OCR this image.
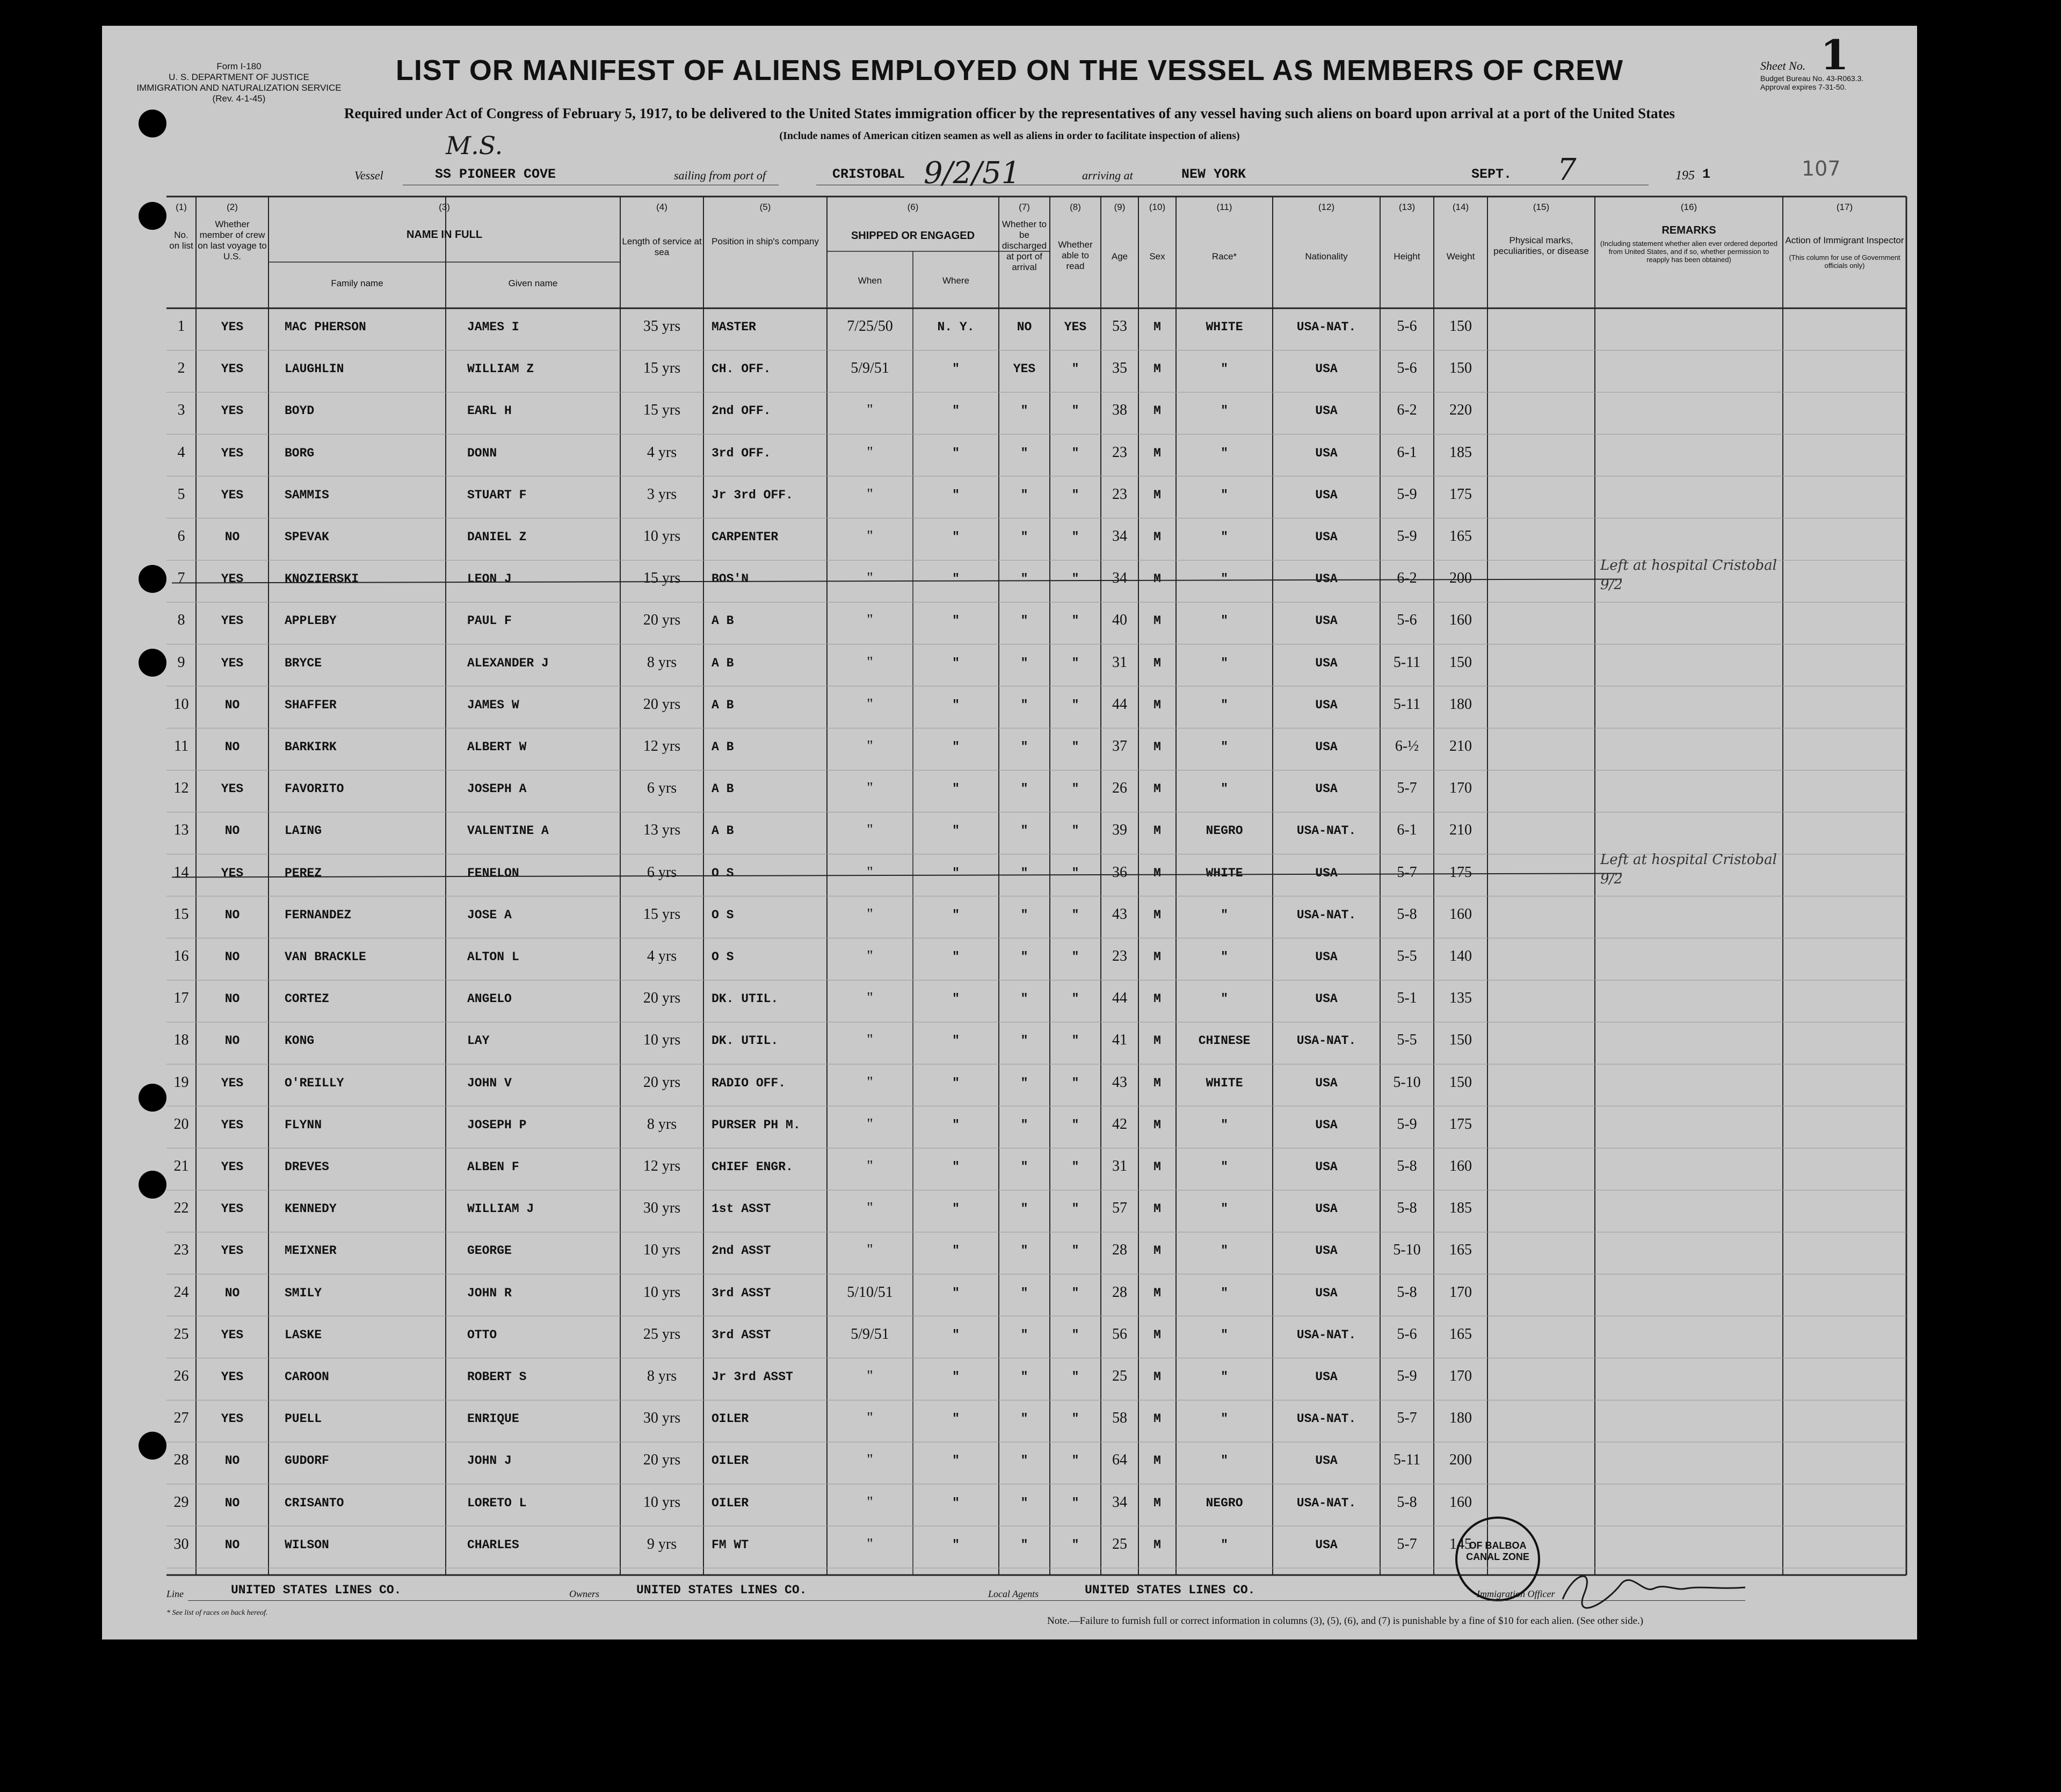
Form I-180
U. S. DEPARTMENT OF JUSTICE
IMMIGRATION AND NATURALIZATION SERVICE
(Rev. 4-1-45)
LIST OR MANIFEST OF ALIENS EMPLOYED ON THE VESSEL AS MEMBERS OF CREW	Sheet No. 1
Budget Bureau No. 43-R063.3.
Approval expires 7-31-50.
Required under Act of Congress of February 5, 1917, to be delivered to the United States immigration officer by the representatives of any vessel having such aliens on board upon arrival at a port of the United States
(Include names of American citizen seamen as well as aliens in order to facilitate inspection of aliens)
M.S.
Vessel	SS PIONEER COVE	sailing from port of	CRISTOBAL 9/2/51	arriving at	NEW YORK	SEPT. 7	195 1	107
(1)	(2)	(3)	(4)	(5)	(6)	(7)	(8)	(9)	(10)	(11)	(12)	(13)	(14)	(15)	(16)	(17)
No. on list
Whether member of crew on last voyage to U.S.
NAME IN FULL
Length of service at sea
Position in ship's company	SHIPPED OR ENGAGED
Whether to be discharged at port of arrival
Whether able to read
Age	Sex	Race*	Nationality	Height	Weight
Physical marks, peculiarities, or disease
REMARKS
Action of Immigrant Inspector
Family name	Given name	When	Where
(Including statement whether alien ever ordered deported from United States, and if so, whether permission to reapply has been obtained)	(This column for use of Government officials only)
1	YES	MAC PHERSON	JAMES I	35 yrs	MASTER	7/25/50	N. Y.	NO	YES	53	M	WHITE	USA-NAT.	5-6	150
2	YES	LAUGHLIN	WILLIAM Z	15 yrs	CH. OFF.	5/9/51	"	YES	"	35	M	"	USA	5-6	150
3	YES	BOYD	EARL H	15 yrs	2nd OFF.	"	"	"	"	38	M	"	USA	6-2	220
4	YES	BORG	DONN	4 yrs	3rd OFF.	"	"	"	"	23	M	"	USA	6-1	185
5	YES	SAMMIS	STUART F	3 yrs	Jr 3rd OFF.	"	"	"	"	23	M	"	USA	5-9	175
6	NO	SPEVAK	DANIEL Z	10 yrs	CARPENTER	"	"	"	"	34	M	"	USA	5-9	165
7	YES	KNOZIERSKI	LEON J	15 yrs	BOS'N	"	"	"	"	34	M	"	USA	6-2	200
Left at hospital Cristobal 9/2
8	YES	APPLEBY	PAUL F	20 yrs	A B	"	"	"	"	40	M	"	USA	5-6	160
9	YES	BRYCE	ALEXANDER J	8 yrs	A B	"	"	"	"	31	M	"	USA	5-11	150
10	NO	SHAFFER	JAMES W	20 yrs	A B	"	"	"	"	44	M	"	USA	5-11	180
11	NO	BARKIRK	ALBERT W	12 yrs	A B	"	"	"	"	37	M	"	USA	6-½	210
12	YES	FAVORITO	JOSEPH A	6 yrs	A B	"	"	"	"	26	M	"	USA	5-7	170
13	NO	LAING	VALENTINE A	13 yrs	A B	"	"	"	"	39	M	NEGRO	USA-NAT.	6-1	210
14	YES	PEREZ	FENELON	6 yrs	O S	"	"	"	"	36	M	WHITE	USA	5-7	175
Left at hospital Cristobal 9/2
15	NO	FERNANDEZ	JOSE A	15 yrs	O S	"	"	"	"	43	M	"	USA-NAT.	5-8	160
16	NO	VAN BRACKLE	ALTON L	4 yrs	O S	"	"	"	"	23	M	"	USA	5-5	140
17	NO	CORTEZ	ANGELO	20 yrs	DK. UTIL.	"	"	"	"	44	M	"	USA	5-1	135
18	NO	KONG	LAY	10 yrs	DK. UTIL.	"	"	"	"	41	M	CHINESE	USA-NAT.	5-5	150
19	YES	O'REILLY	JOHN V	20 yrs	RADIO OFF.	"	"	"	"	43	M	WHITE	USA	5-10	150
20	YES	FLYNN	JOSEPH P	8 yrs	PURSER PH M.	"	"	"	"	42	M	"	USA	5-9	175
21	YES	DREVES	ALBEN F	12 yrs	CHIEF ENGR.	"	"	"	"	31	M	"	USA	5-8	160
22	YES	KENNEDY	WILLIAM J	30 yrs	1st ASST	"	"	"	"	57	M	"	USA	5-8	185
23	YES	MEIXNER	GEORGE	10 yrs	2nd ASST	"	"	"	"	28	M	"	USA	5-10	165
24	NO	SMILY	JOHN R	10 yrs	3rd ASST	5/10/51	"	"	"	28	M	"	USA	5-8	170
25	YES	LASKE	OTTO	25 yrs	3rd ASST	5/9/51	"	"	"	56	M	"	USA-NAT.	5-6	165
26	YES	CAROON	ROBERT S	8 yrs	Jr 3rd ASST	"	"	"	"	25	M	"	USA	5-9	170
27	YES	PUELL	ENRIQUE	30 yrs	OILER	"	"	"	"	58	M	"	USA-NAT.	5-7	180
28	NO	GUDORF	JOHN J	20 yrs	OILER	"	"	"	"	64	M	"	USA	5-11	200
29	NO	CRISANTO	LORETO L	10 yrs	OILER	"	"	"	"	34	M	NEGRO	USA-NAT.	5-8	160
30	NO	WILSON	CHARLES	9 yrs	FM WT	"	"	"	"	25	M	"	USA	5-7	145
OF BALBOA CANAL ZONE
Line	UNITED STATES LINES CO.	Owners	UNITED STATES LINES CO.	Local Agents	UNITED STATES LINES CO.	Immigration Officer
* See list of races on back hereof.
Note.—Failure to furnish full or correct information in columns (3), (5), (6), and (7) is punishable by a fine of $10 for each alien. (See other side.)
